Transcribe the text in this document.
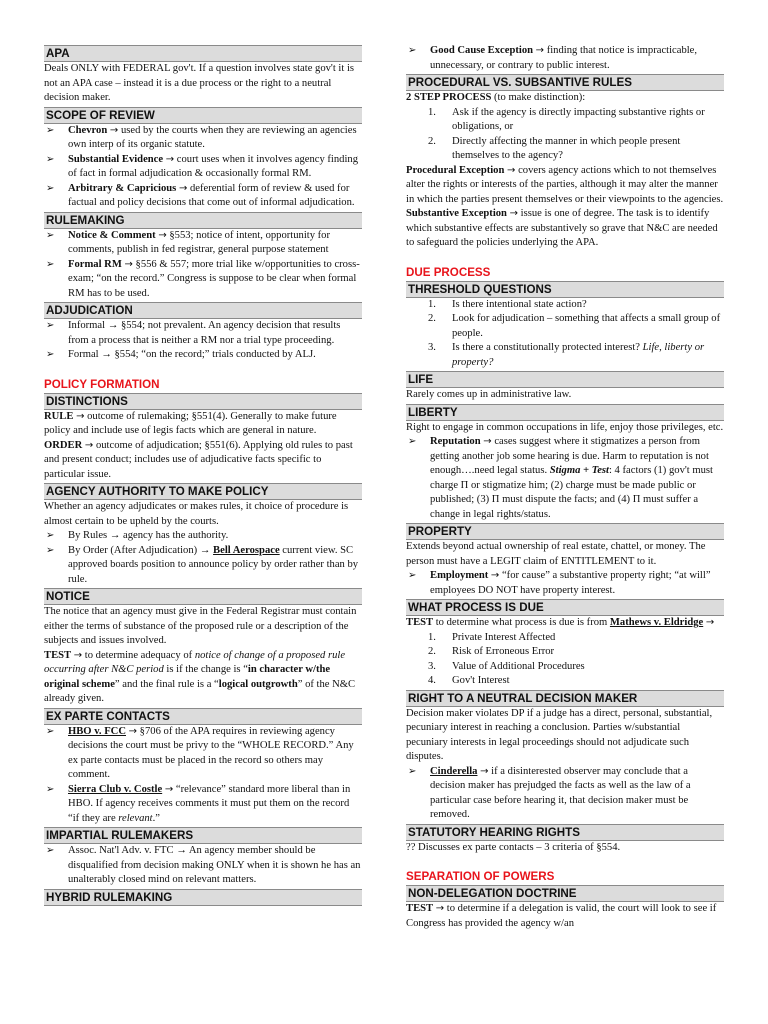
APA

Deals ONLY with FEDERAL gov't. If a question involves state gov't it is not an APA case – instead it is a due process or the right to a neutral decision maker.

SCOPE OF REVIEW
➢ Chevron → used by the courts when they are reviewing an agencies own interp of its organic statute.
➢ Substantial Evidence → court uses when it involves agency finding of fact in formal adjudication & occasionally formal RM.
➢ Arbitrary & Capricious → deferential form of review & used for factual and policy decisions that come out of informal adjudication.
RULEMAKING
➢ Notice & Comment → §553; notice of intent, opportunity for comments, publish in fed registrar, general purpose statement
➢ Formal RM → §556 & 557; more trial like w/opportunities to cross-exam; “on the record.” Congress is suppose to be clear when formal RM has to be used.
ADJUDICATION
➢ Informal → §554; not prevalent. An agency decision that results from a process that is neither a RM nor a trial type proceeding.
➢ Formal → §554; “on the record;” trials conducted by ALJ.
POLICY FORMATION
DISTINCTIONS

RULE → outcome of rulemaking; §551(4). Generally to make future policy and include use of legis facts which are general in nature.

ORDER → outcome of adjudication; §551(6). Applying old rules to past and present conduct; includes use of adjudicative facts specific to particular issue.

AGENCY AUTHORITY TO MAKE POLICY

Whether an agency adjudicates or makes rules, it choice of procedure is almost certain to be upheld by the courts.

➢ By Rules → agency has the authority.
➢ By Order (After Adjudication) → Bell Aerospace current view. SC approved boards position to announce policy by order rather than by rule.
NOTICE

The notice that an agency must give in the Federal Registrar must contain either the terms of substance of the proposed rule or a description of the subjects and issues involved.

TEST → to determine adequacy of notice of change of a proposed rule occurring after N&C period is if the change is “in character w/the original scheme” and the final rule is a “logical outgrowth” of the N&C already given.

EX PARTE CONTACTS
➢ HBO v. FCC → §706 of the APA requires in reviewing agency decisions the court must be privy to the “WHOLE RECORD.” Any ex parte contacts must be placed in the record so others may comment.
➢ Sierra Club v. Costle → “relevance” standard more liberal than in HBO. If agency receives comments it must put them on the record “if they are relevant.”
IMPARTIAL RULEMAKERS
➢ Assoc. Nat'l Adv. v. FTC → An agency member should be disqualified from decision making ONLY when it is shown he has an unalterably closed mind on relevant matters.
HYBRID RULEMAKING
➢ Good Cause Exception → finding that notice is impracticable, unnecessary, or contrary to public interest.
PROCEDURAL VS. SUBSANTIVE RULES

2 STEP PROCESS (to make distinction):

1. Ask if the agency is directly impacting substantive rights or obligations, or
2. Directly affecting the manner in which people present themselves to the agency?

Procedural Exception → covers agency actions which to not themselves alter the rights or interests of the parties, although it may alter the manner in which the parties present themselves or their viewpoints to the agencies.

Substantive Exception → issue is one of degree. The task is to identify which substantive effects are substantively so grave that N&C are needed to safeguard the policies underlying the APA.

DUE PROCESS
THRESHOLD QUESTIONS
1. Is there intentional state action?
2. Look for adjudication – something that affects a small group of people.
3. Is there a constitutionally protected interest? Life, liberty or property?
LIFE

Rarely comes up in administrative law.

LIBERTY

Right to engage in common occupations in life, enjoy those privileges, etc.

➢ Reputation → cases suggest where it stigmatizes a person from getting another job some hearing is due. Harm to reputation is not enough….need legal status. Stigma + Test: 4 factors (1) gov't must charge Π or stigmatize him; (2) charge must be made public or published; (3) Π must dispute the facts; and (4) Π must suffer a change in legal rights/status.
PROPERTY

Extends beyond actual ownership of real estate, chattel, or money. The person must have a LEGIT claim of ENTITLEMENT to it.

➢ Employment → “for cause” a substantive property right; “at will” employees DO NOT have property interest.
WHAT PROCESS IS DUE

TEST to determine what process is due is from Mathews v. Eldridge →

1. Private Interest Affected
2. Risk of Erroneous Error
3. Value of Additional Procedures
4. Gov't Interest
RIGHT TO A NEUTRAL DECISION MAKER

Decision maker violates DP if a judge has a direct, personal, substantial, pecuniary interest in reaching a conclusion. Parties w/substantial pecuniary interests in legal proceedings should not adjudicate such disputes.

➢ Cinderella → if a disinterested observer may conclude that a decision maker has prejudged the facts as well as the law of a particular case before hearing it, that decision maker must be removed.
STATUTORY HEARING RIGHTS

?? Discusses ex parte contacts – 3 criteria of §554.

SEPARATION OF POWERS
NON-DELEGATION DOCTRINE

TEST → to determine if a delegation is valid, the court will look to see if Congress has provided the agency w/an
